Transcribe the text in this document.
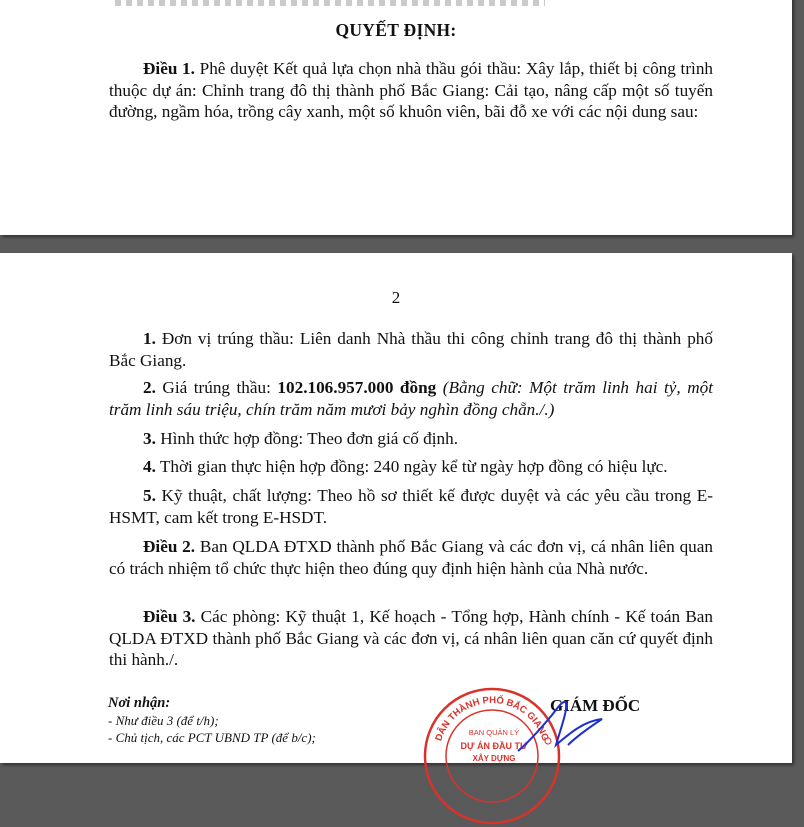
QUYẾT ĐỊNH:

Điều 1. Phê duyệt Kết quả lựa chọn nhà thầu gói thầu: Xây lắp, thiết bị công trình thuộc dự án: Chỉnh trang đô thị thành phố Bắc Giang: Cải tạo, nâng cấp một số tuyến đường, ngầm hóa, trồng cây xanh, một số khuôn viên, bãi đỗ xe với các nội dung sau:

2

1. Đơn vị trúng thầu: Liên danh Nhà thầu thi công chỉnh trang đô thị thành phố Bắc Giang.

2. Giá trúng thầu: 102.106.957.000 đồng (Bằng chữ: Một trăm linh hai tỷ, một trăm linh sáu triệu, chín trăm năm mươi bảy nghìn đồng chẵn./.)

3. Hình thức hợp đồng: Theo đơn giá cố định.

4. Thời gian thực hiện hợp đồng: 240 ngày kể từ ngày hợp đồng có hiệu lực.

5. Kỹ thuật, chất lượng: Theo hồ sơ thiết kế được duyệt và các yêu cầu trong E-HSMT, cam kết trong E-HSDT.

Điều 2. Ban QLDA ĐTXD thành phố Bắc Giang và các đơn vị, cá nhân liên quan có trách nhiệm tổ chức thực hiện theo đúng quy định hiện hành của Nhà nước.

Điều 3. Các phòng: Kỹ thuật 1, Kế hoạch - Tổng hợp, Hành chính - Kế toán Ban QLDA ĐTXD thành phố Bắc Giang và các đơn vị, cá nhân liên quan căn cứ quyết định thi hành./.

Nơi nhận:
- Như điều 3 (để t/h);
- Chủ tịch, các PCT UBND TP (để b/c);	DÂN THÀNH PHỐ BẮC GIANG
BAN QUẢN LÝ
DỰ ÁN ĐẦU TƯ
XÂY DỰNG
GIÁM ĐỐC
